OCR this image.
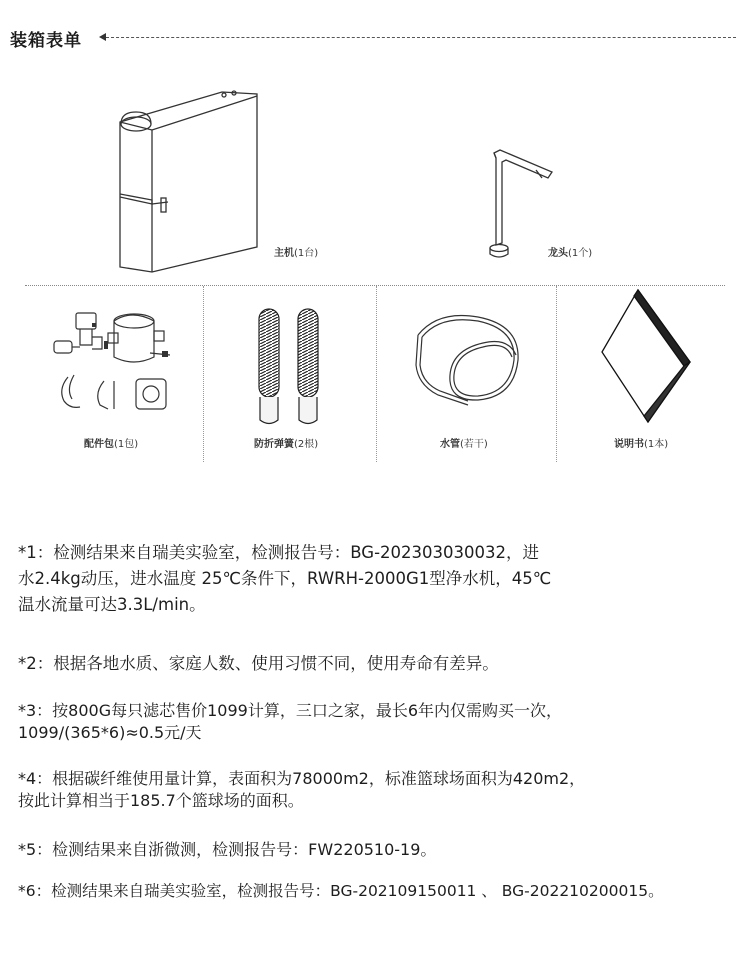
装箱表单
主机(1台)	龙头(1个)
配件包(1包)	防折弹簧(2根)	水管(若干)	说明书(1本)
*1：检测结果来自瑞美实验室，检测报告号：BG-202303030032，进
水2.4kg动压，进水温度 25℃条件下，RWRH-2000G1型净水机，45℃
温水流量可达3.3L/min。
*2：根据各地水质、家庭人数、使用习惯不同，使用寿命有差异。
*3：按800G每只滤芯售价1099计算，三口之家，最长6年内仅需购买一次，
1099/(365*6)≈0.5元/天
*4：根据碳纤维使用量计算，表面积为78000m2，标准篮球场面积为420m2，
按此计算相当于185.7个篮球场的面积。
*5：检测结果来自浙微测，检测报告号：FW220510-19。
*6：检测结果来自瑞美实验室，检测报告号：BG-202109150011 、 BG-202210200015。
